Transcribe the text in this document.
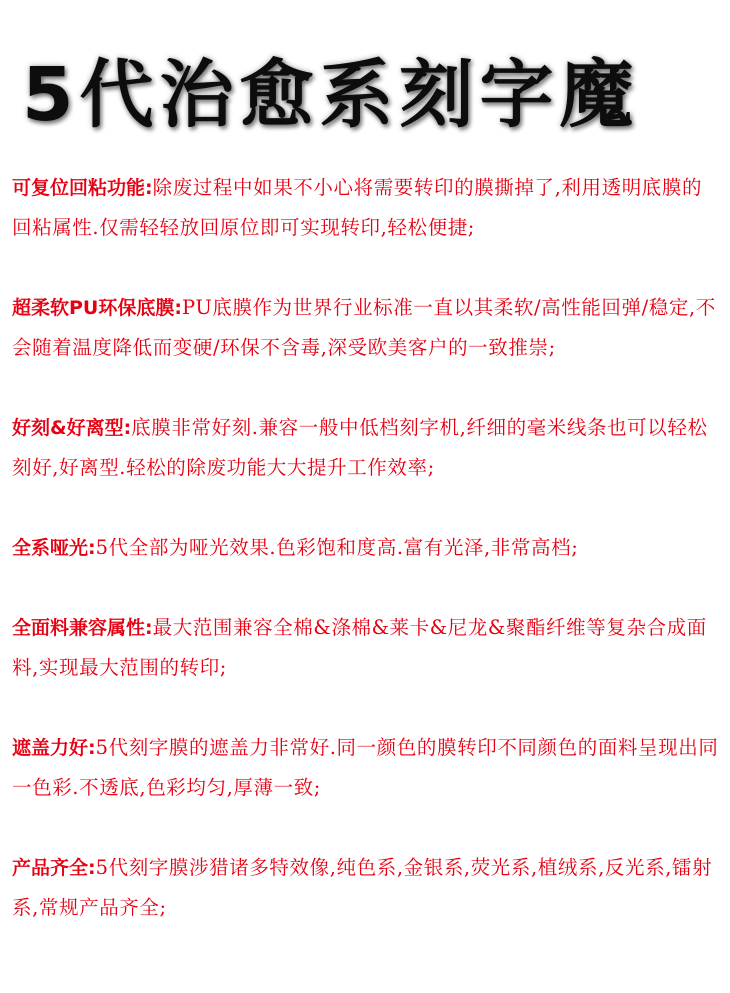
5代治愈系刻字魔
可复位回粘功能:除废过程中如果不小心将需要转印的膜撕掉了,利用透明底膜的回粘属性.仅需轻轻放回原位即可实现转印,轻松便捷;
超柔软PU环保底膜:PU底膜作为世界行业标准一直以其柔软/高性能回弹/稳定,不会随着温度降低而变硬/环保不含毒,深受欧美客户的一致推崇;
好刻&好离型:底膜非常好刻.兼容一般中低档刻字机,纤细的毫米线条也可以轻松刻好,好离型.轻松的除废功能大大提升工作效率;
全系哑光:5代全部为哑光效果.色彩饱和度高.富有光泽,非常高档;
全面料兼容属性:最大范围兼容全棉&涤棉&莱卡&尼龙&聚酯纤维等复杂合成面料,实现最大范围的转印;
遮盖力好:5代刻字膜的遮盖力非常好.同一颜色的膜转印不同颜色的面料呈现出同一色彩.不透底,色彩均匀,厚薄一致;
产品齐全:5代刻字膜涉猎诸多特效像,纯色系,金银系,荧光系,植绒系,反光系,镭射系,常规产品齐全;
